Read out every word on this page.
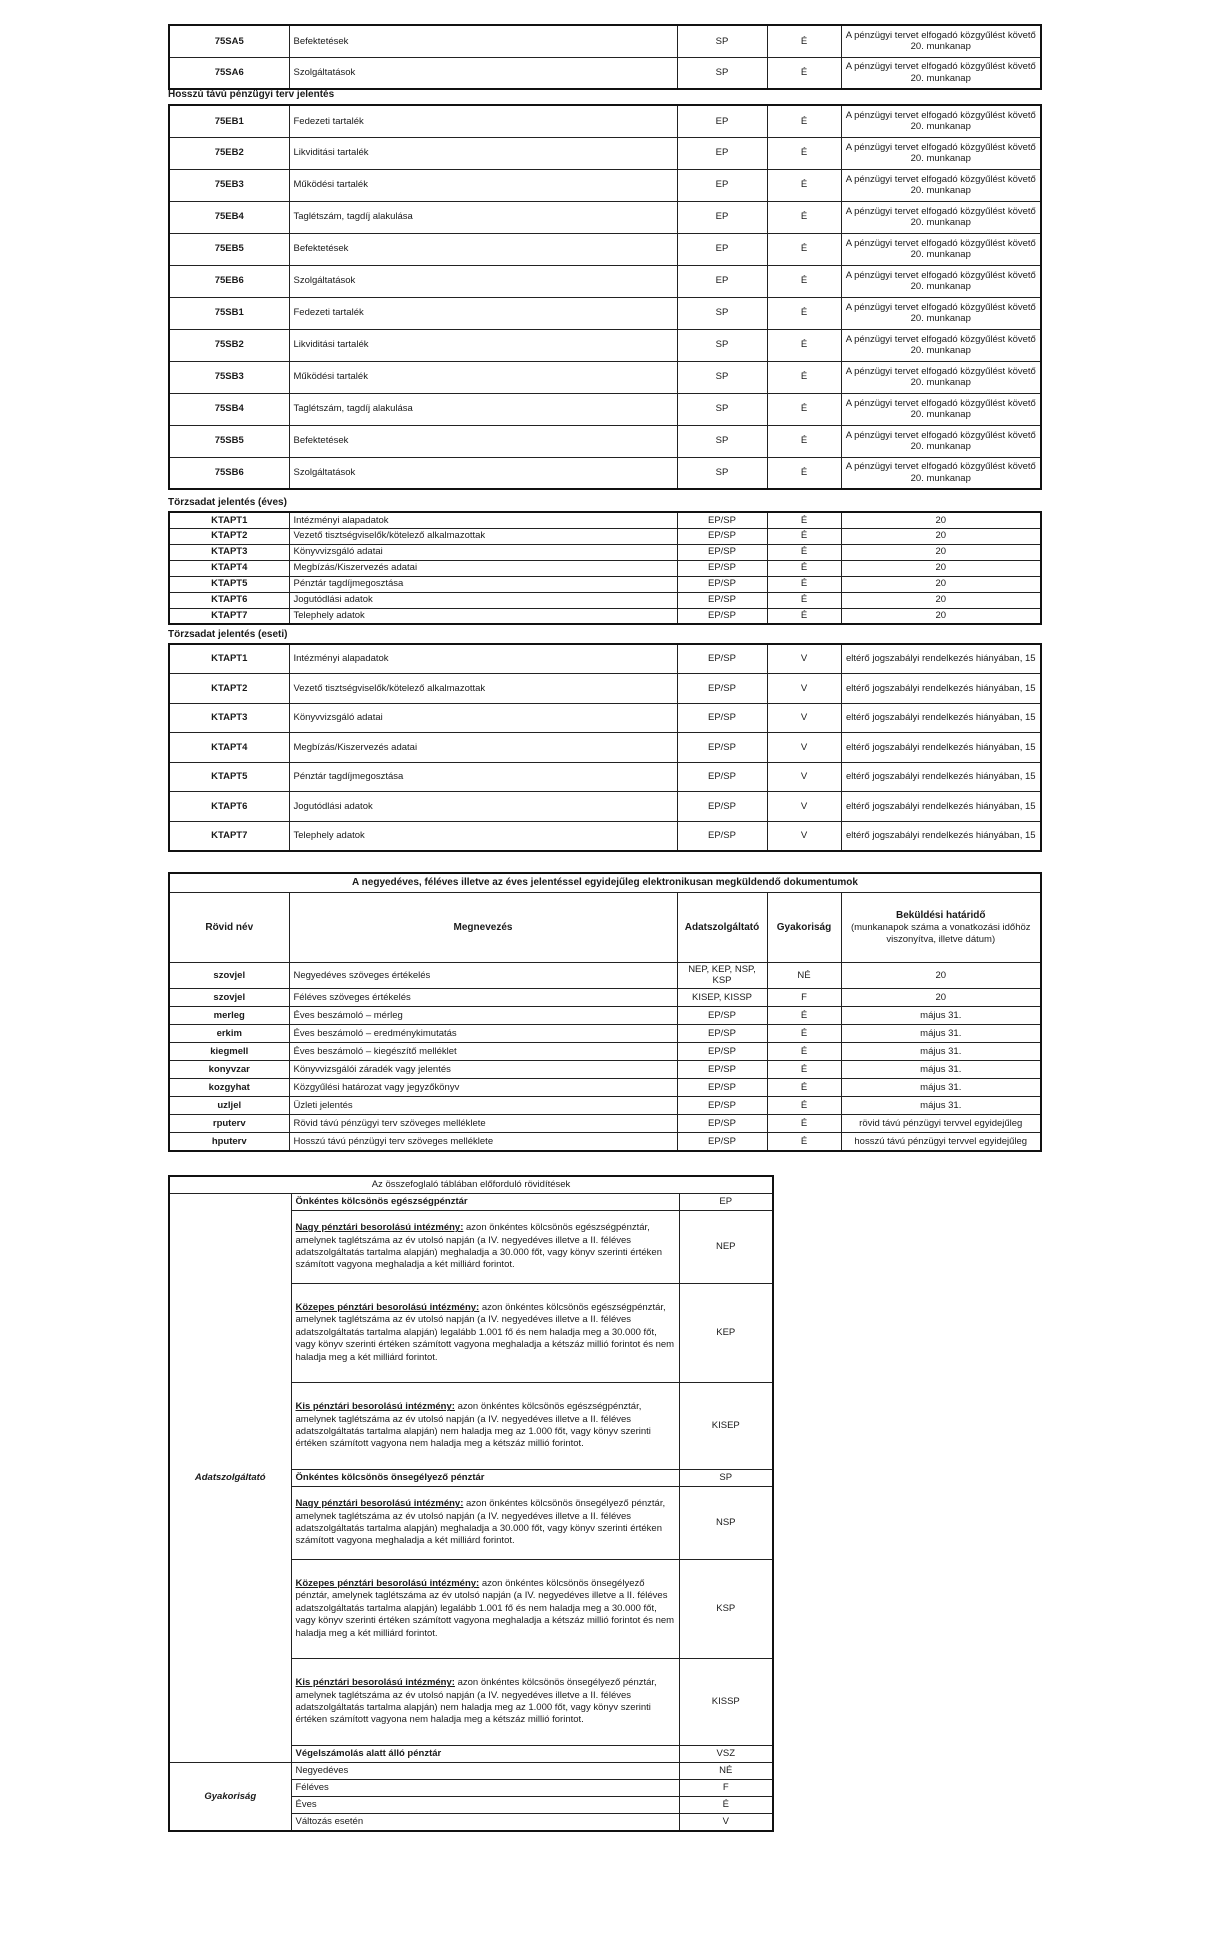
75SA5	Befektetések	SP	É	A pénzügyi tervet elfogadó közgyűlést követő 20. munkanap
75SA6	Szolgáltatások	SP	É	A pénzügyi tervet elfogadó közgyűlést követő 20. munkanap
Hosszú távú pénzügyi terv jelentés
75EB1	Fedezeti tartalék	EP	É	A pénzügyi tervet elfogadó közgyűlést követő 20. munkanap
75EB2	Likviditási tartalék	EP	É	A pénzügyi tervet elfogadó közgyűlést követő 20. munkanap
75EB3	Működési tartalék	EP	É	A pénzügyi tervet elfogadó közgyűlést követő 20. munkanap
75EB4	Taglétszám, tagdíj alakulása	EP	É	A pénzügyi tervet elfogadó közgyűlést követő 20. munkanap
75EB5	Befektetések	EP	É	A pénzügyi tervet elfogadó közgyűlést követő 20. munkanap
75EB6	Szolgáltatások	EP	É	A pénzügyi tervet elfogadó közgyűlést követő 20. munkanap
75SB1	Fedezeti tartalék	SP	É	A pénzügyi tervet elfogadó közgyűlést követő 20. munkanap
75SB2	Likviditási tartalék	SP	É	A pénzügyi tervet elfogadó közgyűlést követő 20. munkanap
75SB3	Működési tartalék	SP	É	A pénzügyi tervet elfogadó közgyűlést követő 20. munkanap
75SB4	Taglétszám, tagdíj alakulása	SP	É	A pénzügyi tervet elfogadó közgyűlést követő 20. munkanap
75SB5	Befektetések	SP	É	A pénzügyi tervet elfogadó közgyűlést követő 20. munkanap
75SB6	Szolgáltatások	SP	É	A pénzügyi tervet elfogadó közgyűlést követő 20. munkanap
Törzsadat jelentés (éves)
KTAPT1	Intézményi alapadatok	EP/SP	É	20
KTAPT2	Vezető tisztségviselők/kötelező alkalmazottak	EP/SP	É	20
KTAPT3	Könyvvizsgáló adatai	EP/SP	É	20
KTAPT4	Megbízás/Kiszervezés adatai	EP/SP	É	20
KTAPT5	Pénztár tagdíjmegosztása	EP/SP	É	20
KTAPT6	Jogutódlási adatok	EP/SP	É	20
KTAPT7	Telephely adatok	EP/SP	É	20
Törzsadat jelentés (eseti)
KTAPT1	Intézményi alapadatok	EP/SP	V	eltérő jogszabályi rendelkezés hiányában, 15
KTAPT2	Vezető tisztségviselők/kötelező alkalmazottak	EP/SP	V	eltérő jogszabályi rendelkezés hiányában, 15
KTAPT3	Könyvvizsgáló adatai	EP/SP	V	eltérő jogszabályi rendelkezés hiányában, 15
KTAPT4	Megbízás/Kiszervezés adatai	EP/SP	V	eltérő jogszabályi rendelkezés hiányában, 15
KTAPT5	Pénztár tagdíjmegosztása	EP/SP	V	eltérő jogszabályi rendelkezés hiányában, 15
KTAPT6	Jogutódlási adatok	EP/SP	V	eltérő jogszabályi rendelkezés hiányában, 15
KTAPT7	Telephely adatok	EP/SP	V	eltérő jogszabályi rendelkezés hiányában, 15
A negyedéves, féléves illetve az éves jelentéssel egyidejűleg elektronikusan megküldendő dokumentumok				
Rövid név	Megnevezés	Adatszolgáltató	Gyakoriság	Beküldési határidő
(munkanapok száma a vonatkozási időhöz viszonyítva, illetve dátum)

szovjel	Negyedéves szöveges értékelés	NEP, KEP, NSP, KSP	NÉ	20
szovjel	Féléves szöveges értékelés	KISEP, KISSP	F	20
merleg	Éves beszámoló – mérleg	EP/SP	É	május 31.
erkim	Éves beszámoló – eredménykimutatás	EP/SP	É	május 31.
kiegmell	Éves beszámoló – kiegészítő melléklet	EP/SP	É	május 31.
konyvzar	Könyvvizsgálói záradék vagy jelentés	EP/SP	É	május 31.
kozgyhat	Közgyűlési határozat vagy jegyzőkönyv	EP/SP	É	május 31.
uzljel	Üzleti jelentés	EP/SP	É	május 31.
rputerv	Rövid távú pénzügyi terv szöveges melléklete	EP/SP	É	rövid távú pénzügyi tervvel egyidejűleg
hputerv	Hosszú távú pénzügyi terv szöveges melléklete	EP/SP	É	hosszú távú pénzügyi tervvel egyidejűleg
Az összefoglaló táblában előforduló rövidítések		
Adatszolgáltató	Önkéntes kölcsönös egészségpénztár	EP
	Nagy pénztári besorolású intézmény: azon önkéntes kölcsönös egészségpénztár, amelynek taglétszáma az év utolsó napján (a IV. negyedéves illetve a II. féléves adatszolgáltatás tartalma alapján) meghaladja a 30.000 főt, vagy könyv szerinti értéken számított vagyona meghaladja a két milliárd forintot.	NEP
	Közepes pénztári besorolású intézmény: azon önkéntes kölcsönös egészségpénztár, amelynek taglétszáma az év utolsó napján (a IV. negyedéves illetve a II. féléves adatszolgáltatás tartalma alapján) legalább 1.001 fő és nem haladja meg a 30.000 főt, vagy könyv szerinti értéken számított vagyona meghaladja a kétszáz millió forintot és nem haladja meg a két milliárd forintot.	KEP
	Kis pénztári besorolású intézmény: azon önkéntes kölcsönös egészségpénztár, amelynek taglétszáma az év utolsó napján (a IV. negyedéves illetve a II. féléves adatszolgáltatás tartalma alapján) nem haladja meg az 1.000 főt, vagy könyv szerinti értéken számított vagyona nem haladja meg a kétszáz millió forintot.	KISEP
	Önkéntes kölcsönös önsegélyező pénztár	SP
	Nagy pénztári besorolású intézmény: azon önkéntes kölcsönös önsegélyező pénztár, amelynek taglétszáma az év utolsó napján (a IV. negyedéves illetve a II. féléves adatszolgáltatás tartalma alapján) meghaladja a 30.000 főt, vagy könyv szerinti értéken számított vagyona meghaladja a két milliárd forintot.	NSP
	Közepes pénztári besorolású intézmény: azon önkéntes kölcsönös önsegélyező pénztár, amelynek taglétszáma az év utolsó napján (a IV. negyedéves illetve a II. féléves adatszolgáltatás tartalma alapján) legalább 1.001 fő és nem haladja meg a 30.000 főt, vagy könyv szerinti értéken számított vagyona meghaladja a kétszáz millió forintot és nem haladja meg a két milliárd forintot.	KSP
	Kis pénztári besorolású intézmény: azon önkéntes kölcsönös önsegélyező pénztár, amelynek taglétszáma az év utolsó napján (a IV. negyedéves illetve a II. féléves adatszolgáltatás tartalma alapján) nem haladja meg az 1.000 főt, vagy könyv szerinti értéken számított vagyona nem haladja meg a kétszáz millió forintot.	KISSP
	Végelszámolás alatt álló pénztár	VSZ
Gyakoriság	Negyedéves	NÉ
	Féléves	F
	Éves	É
	Változás esetén	V
